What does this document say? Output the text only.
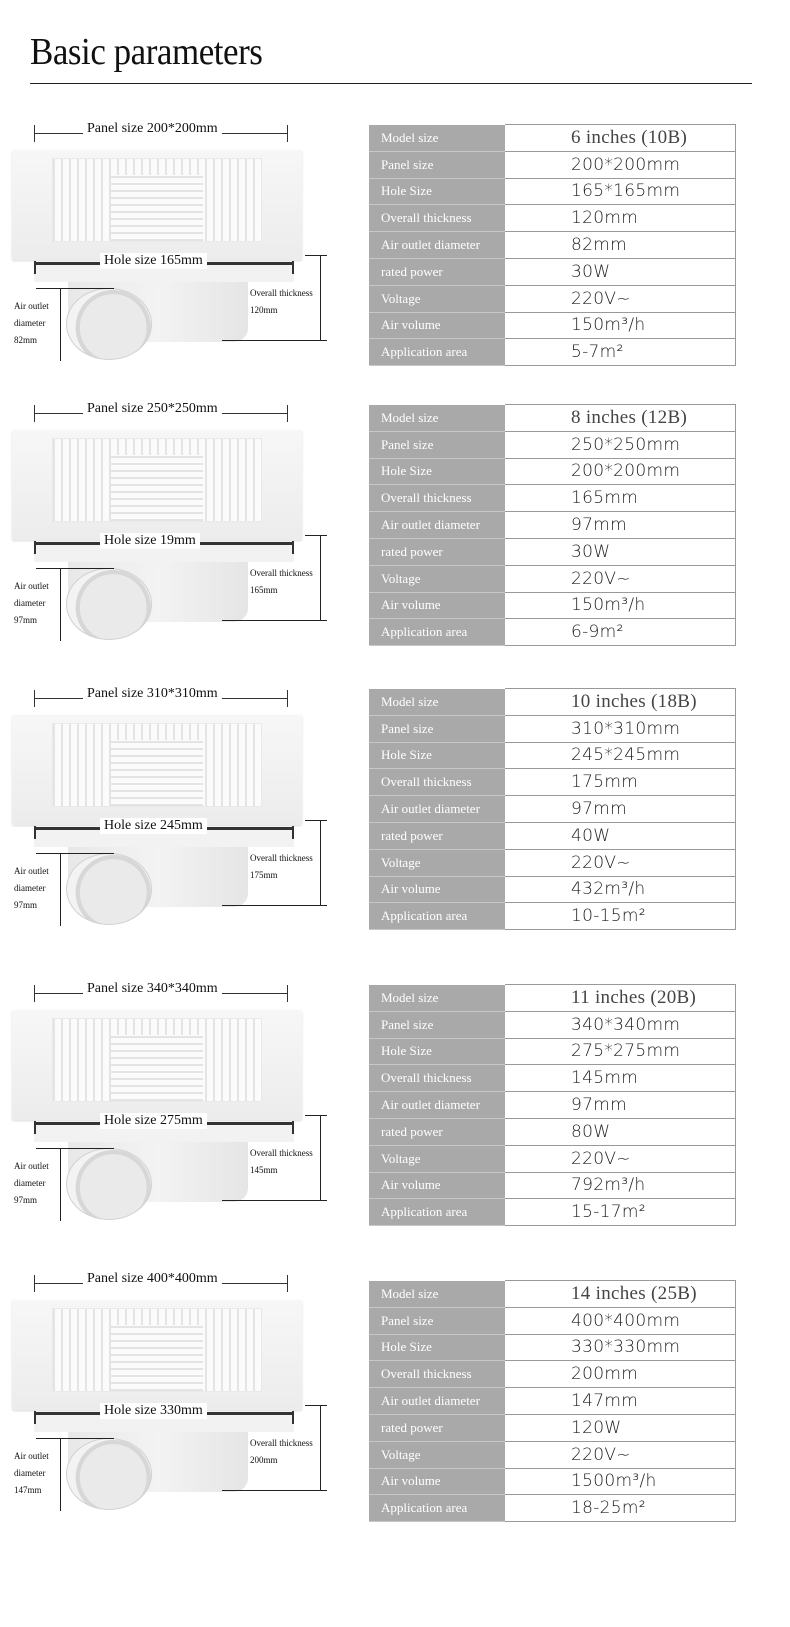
Basic parameters
Panel size 200*200mm
Hole size 165mm
Air outlet
diameter
82mm
Overall thickness
120mm
Model size	6 inches (10B)
Panel size	200*200mm
Hole Size	165*165mm
Overall thickness	120mm
Air outlet diameter	82mm
rated power	30W
Voltage	220V~
Air volume	150m³/h
Application area	5-7m²
Panel size 250*250mm
Hole size 19mm
Air outlet
diameter
97mm
Overall thickness
165mm
Model size	8 inches (12B)
Panel size	250*250mm
Hole Size	200*200mm
Overall thickness	165mm
Air outlet diameter	97mm
rated power	30W
Voltage	220V~
Air volume	150m³/h
Application area	6-9m²
Panel size 310*310mm
Hole size 245mm
Air outlet
diameter
97mm
Overall thickness
175mm
Model size	10 inches (18B)
Panel size	310*310mm
Hole Size	245*245mm
Overall thickness	175mm
Air outlet diameter	97mm
rated power	40W
Voltage	220V~
Air volume	432m³/h
Application area	10-15m²
Panel size 340*340mm
Hole size 275mm
Air outlet
diameter
97mm
Overall thickness
145mm
Model size	11 inches (20B)
Panel size	340*340mm
Hole Size	275*275mm
Overall thickness	145mm
Air outlet diameter	97mm
rated power	80W
Voltage	220V~
Air volume	792m³/h
Application area	15-17m²
Panel size 400*400mm
Hole size 330mm
Air outlet
diameter
147mm
Overall thickness
200mm
Model size	14 inches (25B)
Panel size	400*400mm
Hole Size	330*330mm
Overall thickness	200mm
Air outlet diameter	147mm
rated power	120W
Voltage	220V~
Air volume	1500m³/h
Application area	18-25m²
